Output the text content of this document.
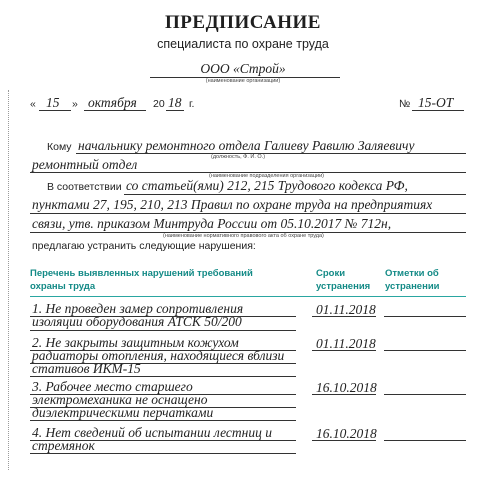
ПРЕДПИСАНИЕ
специалиста по охране труда
ООО «Строй»
(наименование организации)
« 15 » октября 20 18 г.	№ 15-ОТ
Кому начальнику ремонтного отдела Галиеву Равилю Заляевичу
(должность, Ф. И. О.)
ремонтный отдел
(наименование подразделения организации)
В соответствии со статьей(ями) 212, 215 Трудового кодекса РФ,
пунктами 27, 195, 210, 213 Правил по охране труда на предприятиях
связи, утв. приказом Минтруда России от 05.10.2017 № 712н,
(наименование нормативного правового акта об охране труда)
предлагаю устранить следующие нарушения:
Перечень выявленных нарушений требований охраны труда
Сроки устранения
Отметки об устранении
1. Не проведен замер сопротивления изоляции оборудования АТСК 50/200
01.11.2018
2. Не закрыты защитным кожухом радиаторы отопления, находящиеся вблизи стативов ИКМ-15
01.11.2018
3. Рабочее место старшего электромеханика не оснащено диэлектрическими перчатками
16.10.2018
4. Нет сведений об испытании лестниц и стремянок
16.10.2018
